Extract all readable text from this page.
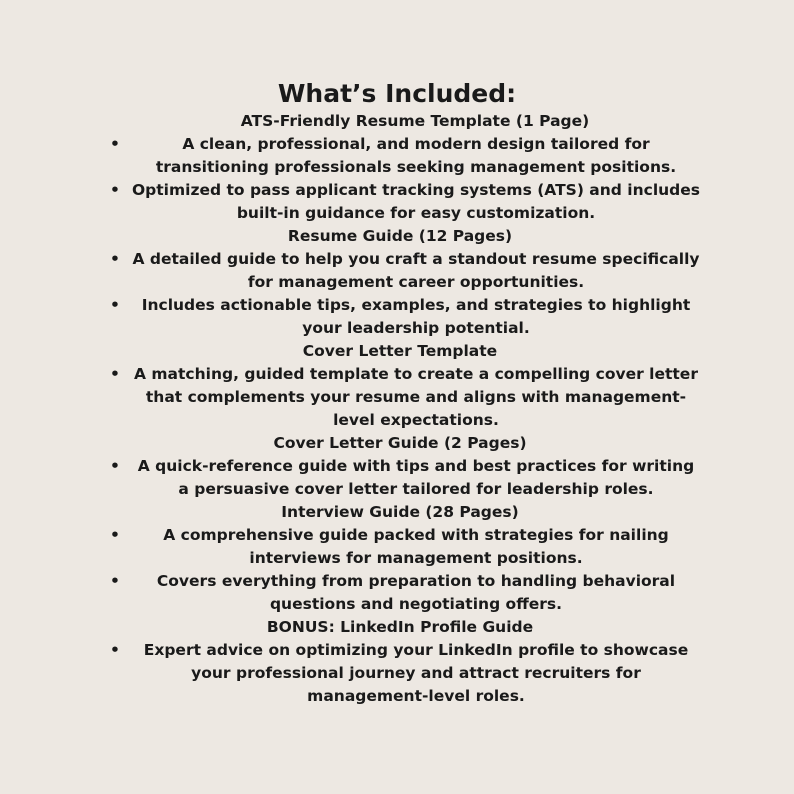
What’s Included:
ATS-Friendly Resume Template (1 Page)
•	A clean, professional, and modern design tailored for transitioning professionals seeking management positions.
• Optimized to pass applicant tracking systems (ATS) and includes built-in guidance for easy customization.
Resume Guide (12 Pages)
• A detailed guide to help you craft a standout resume specifically for management career opportunities.
•	Includes actionable tips, examples, and strategies to highlight your leadership potential.
Cover Letter Template
• A matching, guided template to create a compelling cover letter that complements your resume and aligns with management-level expectations.
Cover Letter Guide (2 Pages)
•	A quick-reference guide with tips and best practices for writing a persuasive cover letter tailored for leadership roles.
Interview Guide (28 Pages)
•	A comprehensive guide packed with strategies for nailing interviews for management positions.
•	Covers everything from preparation to handling behavioral questions and negotiating offers.
BONUS: LinkedIn Profile Guide
•	Expert advice on optimizing your LinkedIn profile to showcase your professional journey and attract recruiters for management-level roles.
